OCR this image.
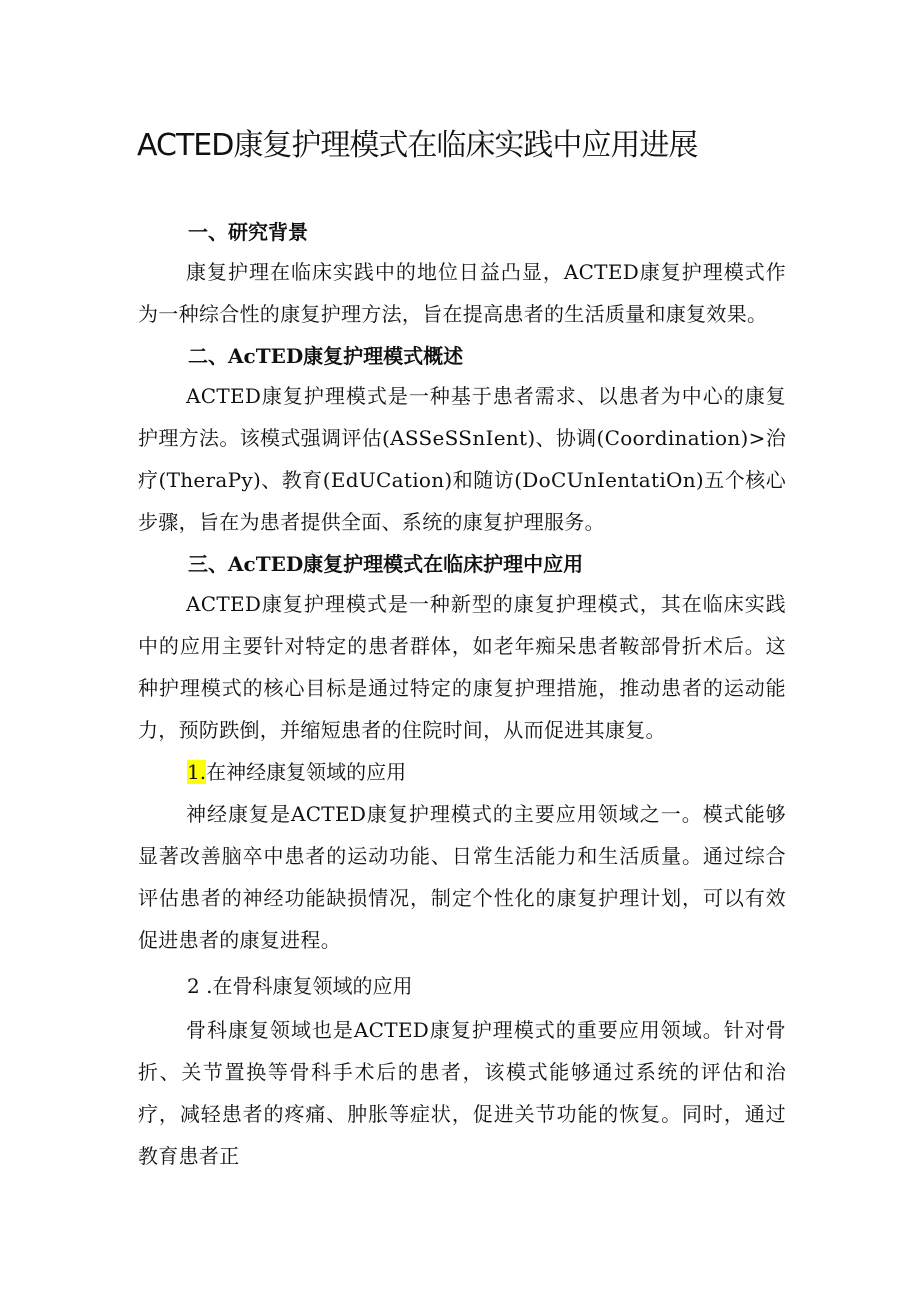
ACTED康复护理模式在临床实践中应用进展
一、研究背景

康复护理在临床实践中的地位日益凸显，ACTED康复护理模式作为一种综合性的康复护理方法，旨在提高患者的生活质量和康复效果。

二、AcTED康复护理模式概述

ACTED康复护理模式是一种基于患者需求、以患者为中心的康复护理方法。该模式强调评估(ASSeSSnIent)、协调(Coordination)>治疗(TheraPy)、教育(EdUCation)和随访(DoCUnIentatiOn)五个核心步骤，旨在为患者提供全面、系统的康复护理服务。

三、AcTED康复护理模式在临床护理中应用

ACTED康复护理模式是一种新型的康复护理模式，其在临床实践中的应用主要针对特定的患者群体，如老年痴呆患者鞍部骨折术后。这种护理模式的核心目标是通过特定的康复护理措施，推动患者的运动能力，预防跌倒，并缩短患者的住院时间，从而促进其康复。

1.在神经康复领域的应用

神经康复是ACTED康复护理模式的主要应用领域之一。模式能够显著改善脑卒中患者的运动功能、日常生活能力和生活质量。通过综合评估患者的神经功能缺损情况，制定个性化的康复护理计划，可以有效促进患者的康复进程。

2 .在骨科康复领域的应用

骨科康复领域也是ACTED康复护理模式的重要应用领域。针对骨折、关节置换等骨科手术后的患者，该模式能够通过系统的评估和治疗，减轻患者的疼痛、肿胀等症状，促进关节功能的恢复。同时，通过教育患者正
